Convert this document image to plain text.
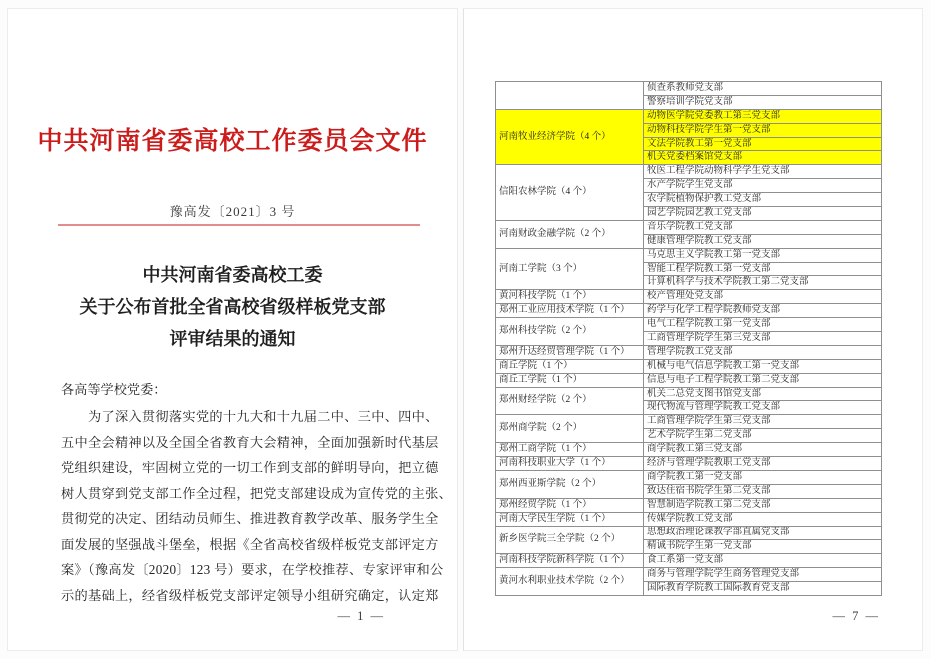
中共河南省委高校工作委员会文件
豫高发〔2021〕3 号
中共河南省委高校工委
关于公布首批全省高校省级样板党支部
评审结果的通知
各高等学校党委：
　　为了深入贯彻落实党的十九大和十九届二中、三中、四中、
五中全会精神以及全国全省教育大会精神，全面加强新时代基层
党组织建设，牢固树立党的一切工作到支部的鲜明导向，把立德
树人贯穿到党支部工作全过程，把党支部建设成为宣传党的主张、
贯彻党的决定、团结动员师生、推进教育教学改革、服务学生全
面发展的坚强战斗堡垒，根据《全省高校省级样板党支部评定方
案》（豫高发〔2020〕123 号）要求，在学校推荐、专家评审和公
示的基础上，经省级样板党支部评定领导小组研究确定，认定郑
— 1 —
	侦查系教师党支部
	警察培训学院党支部
河南牧业经济学院（4 个）	动物医学院党委教工第三党支部
	动物科技学院学生第一党支部
	文法学院教工第一党支部
	机关党委档案馆党支部
信阳农林学院（4 个）	牧医工程学院动物科学学生党支部
	水产学院学生党支部
	农学院植物保护教工党支部
	园艺学院园艺教工党支部
河南财政金融学院（2 个）	音乐学院教工党支部
	健康管理学院教工党支部
河南工学院（3 个）	马克思主义学院教工第一党支部
	智能工程学院教工第一党支部
	计算机科学与技术学院教工第二党支部
黄河科技学院（1 个）	校产管理处党支部
郑州工业应用技术学院（1 个）	药学与化学工程学院教师党支部
郑州科技学院（2 个）	电气工程学院教工第一党支部
	工商管理学院学生第三党支部
郑州升达经贸管理学院（1 个）	管理学院教工党支部
商丘学院（1 个）	机械与电气信息学院教工第一党支部
商丘工学院（1 个）	信息与电子工程学院教工第二党支部
郑州财经学院（2 个）	机关二总党支图书馆党支部
	现代物流与管理学院教工党支部
郑州商学院（2 个）	工商管理学院学生第三党支部
	艺术学院学生第二党支部
郑州工商学院（1 个）	商学院教工第三党支部
河南科技职业大学（1 个）	经济与管理学院教职工党支部
郑州西亚斯学院（2 个）	商学院教工第一党支部
	致达住宿书院学生第二党支部
郑州经贸学院（1 个）	智慧制造学院教工第二党支部
河南大学民生学院（1 个）	传媒学院教工党支部
新乡医学院三全学院（2 个）	思想政治理论课教学部直属党支部
	精诚书院学生第一党支部
河南科技学院新科学院（1 个）	食工系第一党支部
黄河水利职业技术学院（2 个）	商务与管理学院学生商务管理党支部
	国际教育学院教工国际教育党支部
— 7 —
